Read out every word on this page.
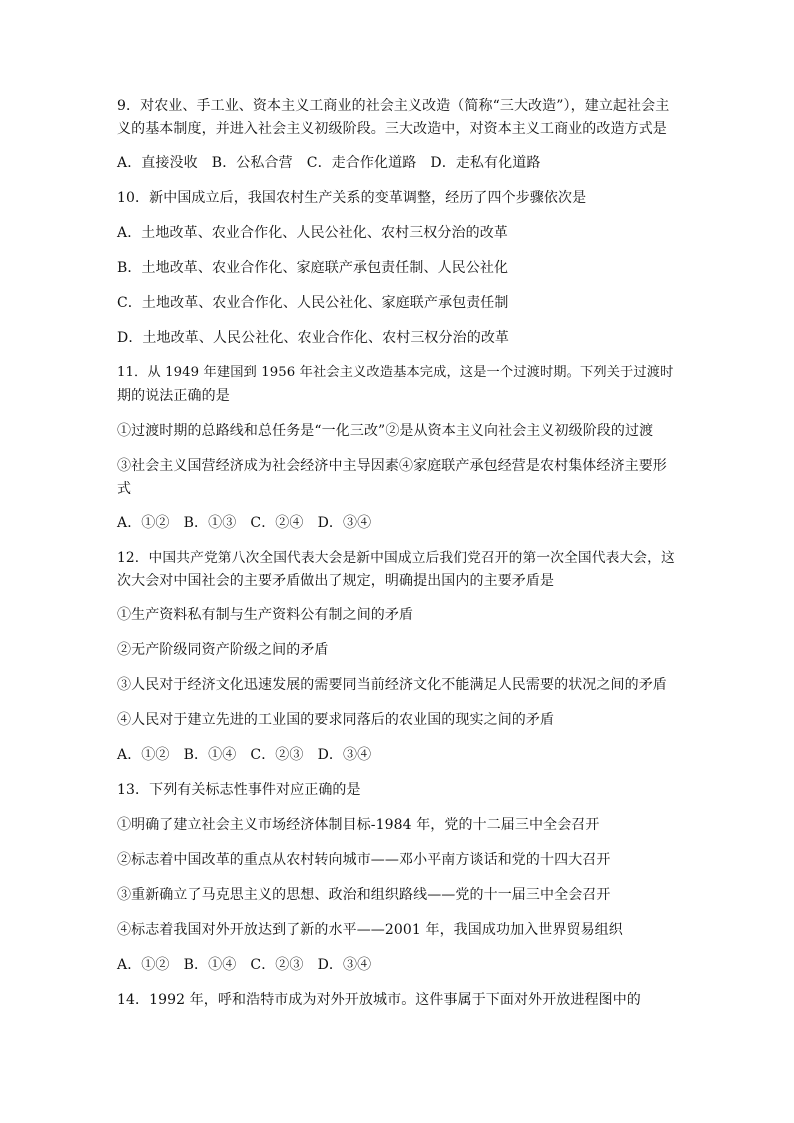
9．对农业、手工业、资本主义工商业的社会主义改造（简称“三大改造”），建立起社会主
义的基本制度，并进入社会主义初级阶段。三大改造中，对资本主义工商业的改造方式是
A．直接没收　B．公私合营　C．走合作化道路　D．走私有化道路
10．新中国成立后，我国农村生产关系的变革调整，经历了四个步骤依次是
A．土地改革、农业合作化、人民公社化、农村三权分治的改革
B．土地改革、农业合作化、家庭联产承包责任制、人民公社化
C．土地改革、农业合作化、人民公社化、家庭联产承包责任制
D．土地改革、人民公社化、农业合作化、农村三权分治的改革
11．从 1949 年建国到 1956 年社会主义改造基本完成，这是一个过渡时期。下列关于过渡时
期的说法正确的是
①过渡时期的总路线和总任务是“一化三改”②是从资本主义向社会主义初级阶段的过渡
③社会主义国营经济成为社会经济中主导因素④家庭联产承包经营是农村集体经济主要形
式
A．①②　B．①③　C．②④　D．③④
12．中国共产党第八次全国代表大会是新中国成立后我们党召开的第一次全国代表大会，这
次大会对中国社会的主要矛盾做出了规定，明确提出国内的主要矛盾是
①生产资料私有制与生产资料公有制之间的矛盾
②无产阶级同资产阶级之间的矛盾
③人民对于经济文化迅速发展的需要同当前经济文化不能满足人民需要的状况之间的矛盾
④人民对于建立先进的工业国的要求同落后的农业国的现实之间的矛盾
A．①②　B．①④　C．②③　D．③④
13．下列有关标志性事件对应正确的是
①明确了建立社会主义市场经济体制目标-1984 年，党的十二届三中全会召开
②标志着中国改革的重点从农村转向城市——邓小平南方谈话和党的十四大召开
③重新确立了马克思主义的思想、政治和组织路线——党的十一届三中全会召开
④标志着我国对外开放达到了新的水平——2001 年，我国成功加入世界贸易组织
A．①②　B．①④　C．②③　D．③④
14．1992 年，呼和浩特市成为对外开放城市。这件事属于下面对外开放进程图中的
